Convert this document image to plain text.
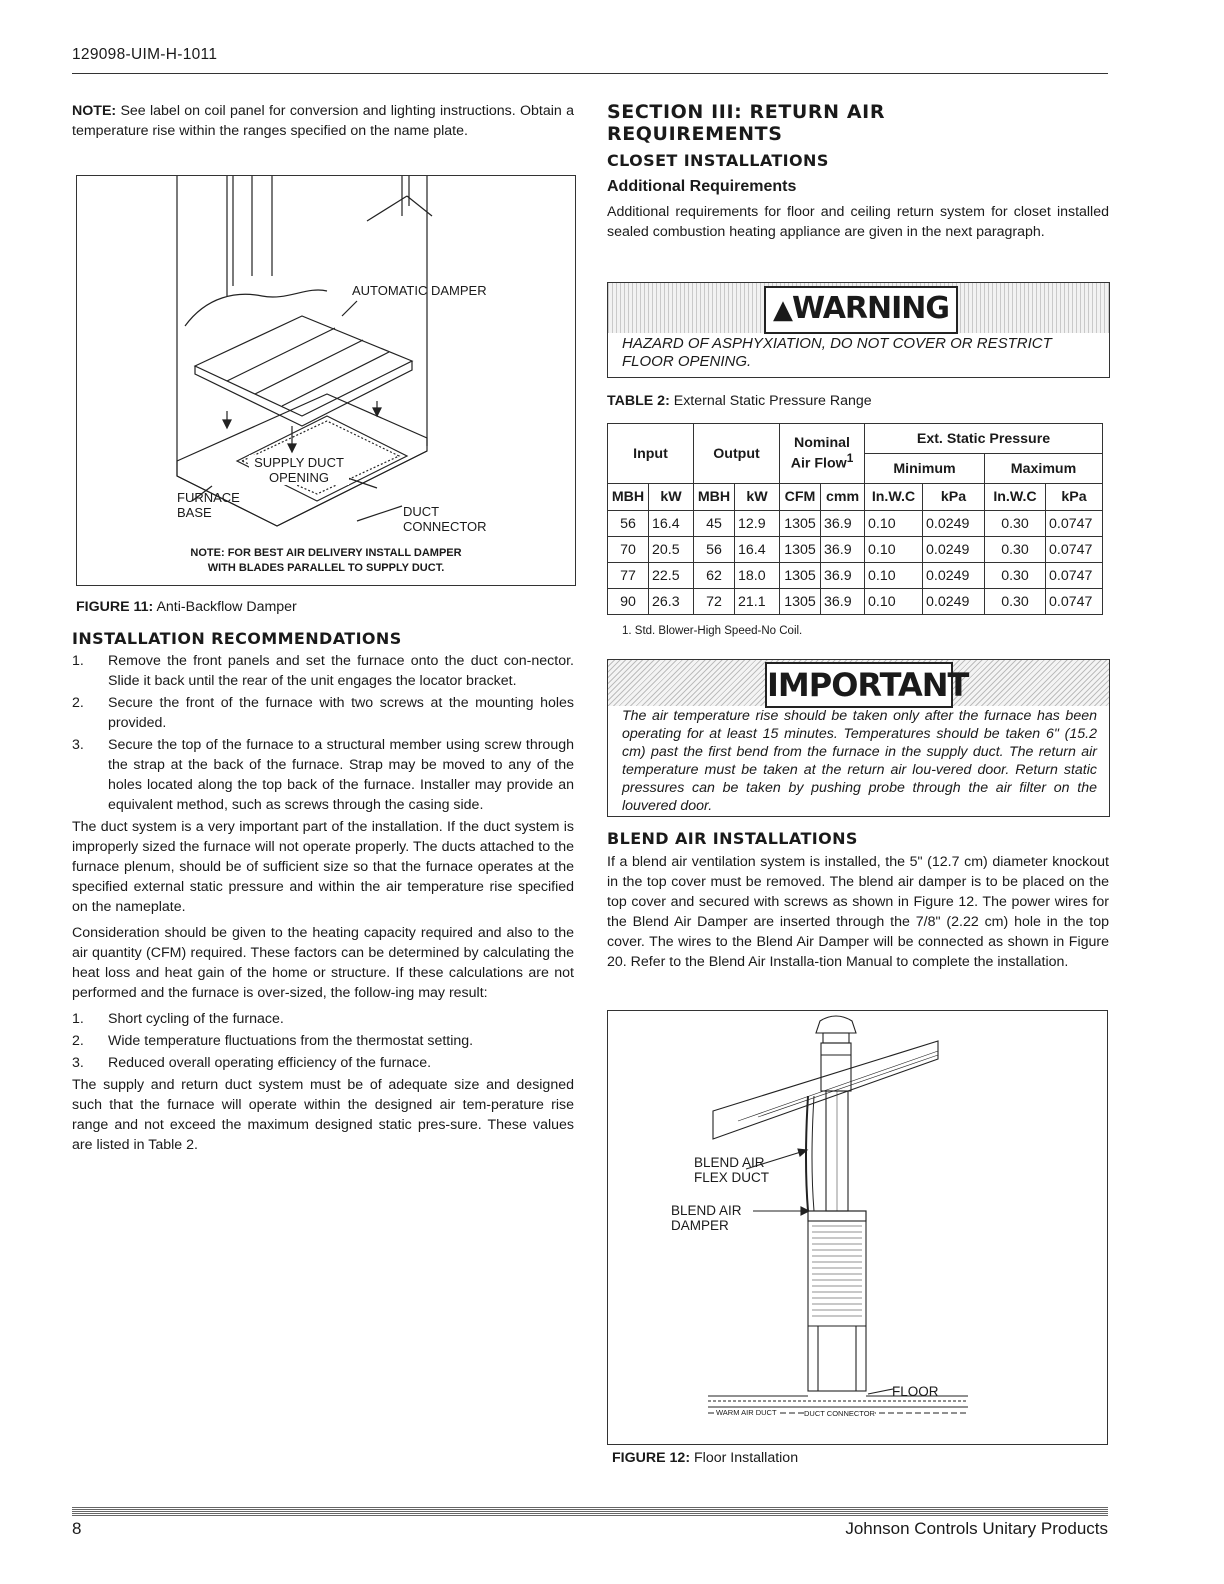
129098-UIM-H-1011

NOTE: See label on coil panel for conversion and lighting instructions. Obtain a temperature rise within the ranges specified on the name plate.

AUTOMATIC DAMPER
SUPPLY DUCT OPENING
FURNACE BASE	DUCT CONNECTOR
NOTE: FOR BEST AIR DELIVERY INSTALL DAMPER
WITH BLADES PARALLEL TO SUPPLY DUCT.
FIGURE 11: Anti-Backflow Damper
INSTALLATION RECOMMENDATIONS
1. Remove the front panels and set the furnace onto the duct con-nector. Slide it back until the rear of the unit engages the locator bracket.
2. Secure the front of the furnace with two screws at the mounting holes provided.
3. Secure the top of the furnace to a structural member using screw through the strap at the back of the furnace. Strap may be moved to any of the holes located along the top back of the furnace. Installer may provide an equivalent method, such as screws through the casing side.

The duct system is a very important part of the installation. If the duct system is improperly sized the furnace will not operate properly. The ducts attached to the furnace plenum, should be of sufficient size so that the furnace operates at the specified external static pressure and within the air temperature rise specified on the nameplate.

Consideration should be given to the heating capacity required and also to the air quantity (CFM) required. These factors can be determined by calculating the heat loss and heat gain of the home or structure. If these calculations are not performed and the furnace is over-sized, the follow-ing may result:

1. Short cycling of the furnace.
2. Wide temperature fluctuations from the thermostat setting.
3. Reduced overall operating efficiency of the furnace.

The supply and return duct system must be of adequate size and designed such that the furnace will operate within the designed air tem-perature rise range and not exceed the maximum designed static pres-sure. These values are listed in Table 2.

SECTION III: RETURN AIR
REQUIREMENTS
CLOSET INSTALLATIONS
Additional Requirements

Additional requirements for floor and ceiling return system for closet installed sealed combustion heating appliance are given in the next paragraph.

▲WARNING
HAZARD OF ASPHYXIATION, DO NOT COVER OR RESTRICT FLOOR OPENING.
TABLE 2: External Static Pressure Range
Input		Output		Nominal
Air Flow$^1$		Ext. Static Pressure			
						Minimum		Maximum	
MBH	kW	MBH	kW	CFM	cmm	In.W.C	kPa	In.W.C	kPa
56	16.4	45	12.9	1305	36.9	0.10	0.0249	0.30	0.0747
70	20.5	56	16.4	1305	36.9	0.10	0.0249	0.30	0.0747
77	22.5	62	18.0	1305	36.9	0.10	0.0249	0.30	0.0747
90	26.3	72	21.1	1305	36.9	0.10	0.0249	0.30	0.0747
1. Std. Blower-High Speed-No Coil.
IMPORTANT
The air temperature rise should be taken only after the furnace has been operating for at least 15 minutes. Temperatures should be taken 6" (15.2 cm) past the first bend from the furnace in the supply duct. The return air temperature must be taken at the return air lou-vered door. Return static pressures can be taken by pushing probe through the air filter on the louvered door.
BLEND AIR INSTALLATIONS

If a blend air ventilation system is installed, the 5" (12.7 cm) diameter knockout in the top cover must be removed. The blend air damper is to be placed on the top cover and secured with screws as shown in Figure 12. The power wires for the Blend Air Damper are inserted through the 7/8" (2.22 cm) hole in the top cover. The wires to the Blend Air Damper will be connected as shown in Figure 20. Refer to the Blend Air Installa-tion Manual to complete the installation.

BLEND AIR
FLEX DUCT
BLEND AIR
DAMPER
FLOOR
WARM AIR DUCT	DUCT CONNECTOR
FIGURE 12: Floor Installation
8	Johnson Controls Unitary Products
